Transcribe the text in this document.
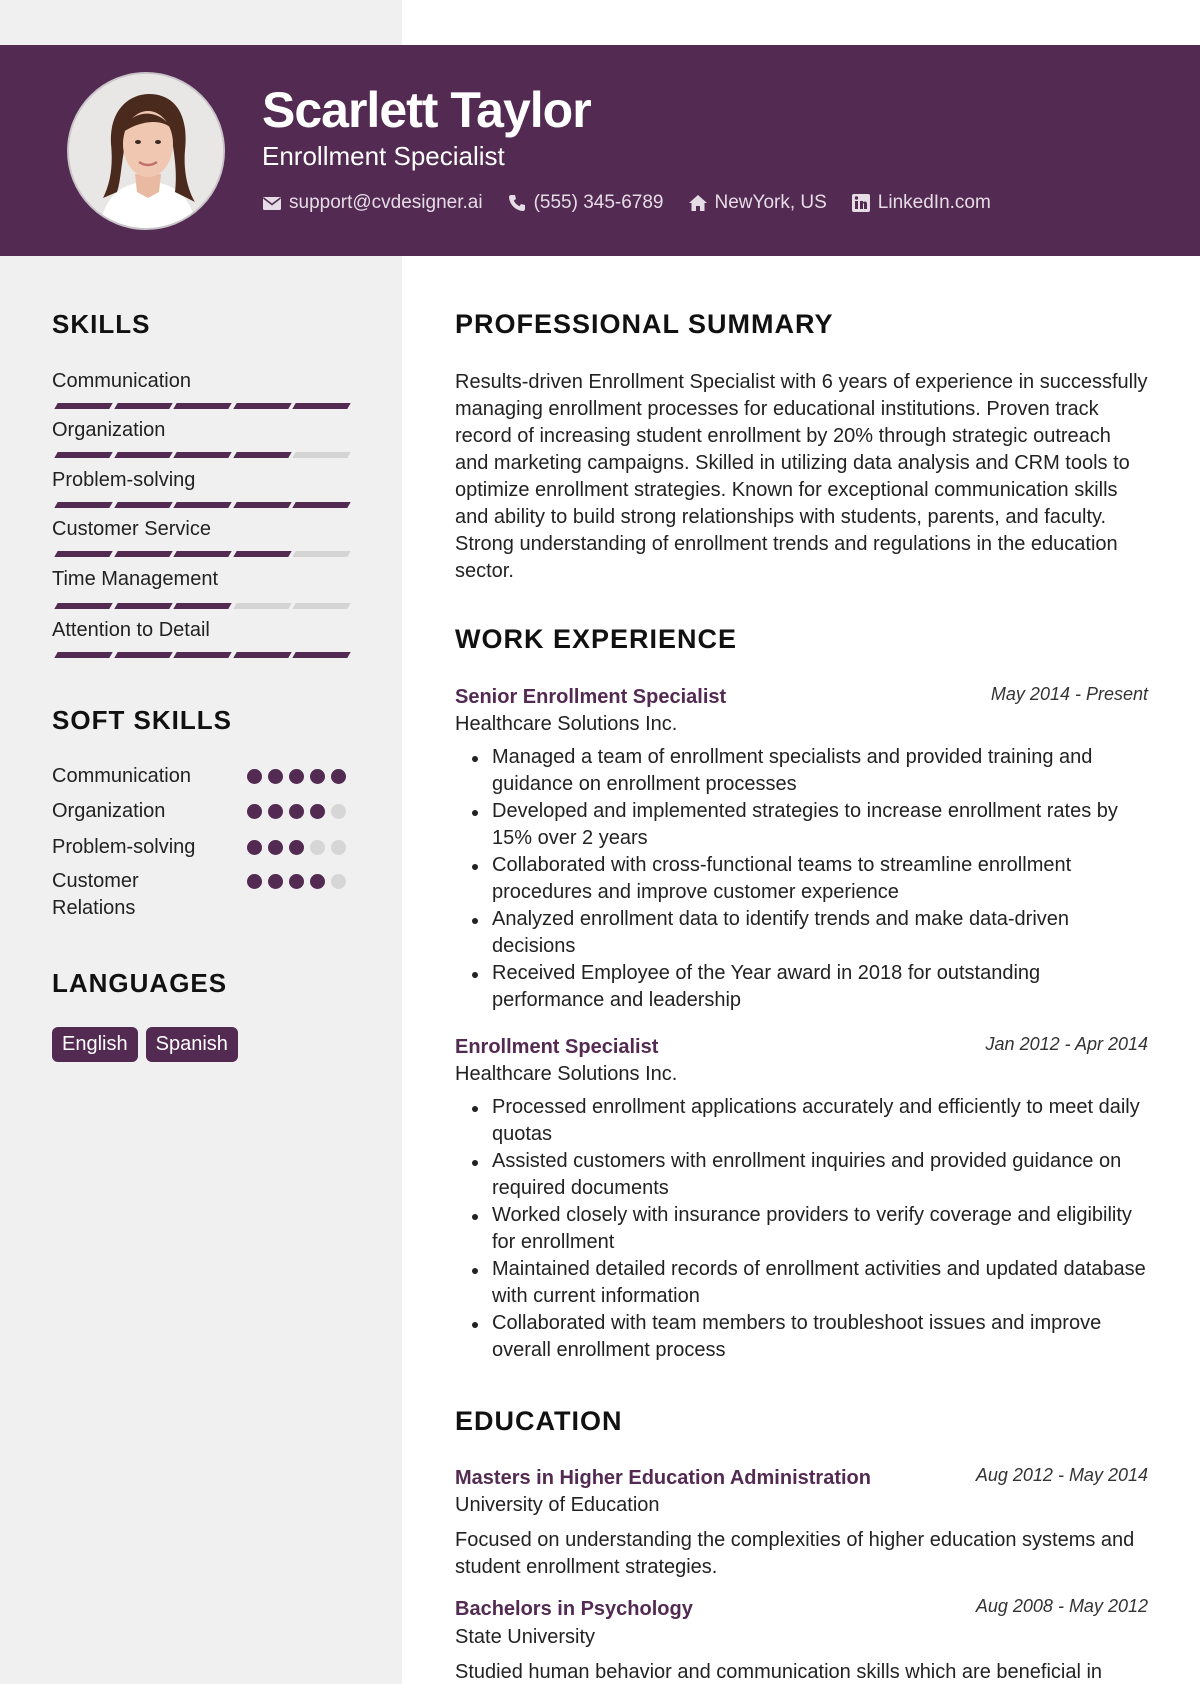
Scarlett Taylor
Enrollment Specialist
support@cvdesigner.ai	(555) 345-6789	NewYork, US	LinkedIn.com
SKILLS
Communication
Organization
Problem-solving
Customer Service
Time Management
Attention to Detail
SOFT SKILLS
Communication
Organization
Problem-solving
Customer Relations
LANGUAGES
English	Spanish
PROFESSIONAL SUMMARY
Results-driven Enrollment Specialist with 6 years of experience in successfully managing enrollment processes for educational institutions. Proven track record of increasing student enrollment by 20% through strategic outreach and marketing campaigns. Skilled in utilizing data analysis and CRM tools to optimize enrollment strategies. Known for exceptional communication skills and ability to build strong relationships with students, parents, and faculty. Strong understanding of enrollment trends and regulations in the education sector.
WORK EXPERIENCE
Senior Enrollment Specialist	May 2014 - Present
Healthcare Solutions Inc.
Managed a team of enrollment specialists and provided training and guidance on enrollment processes
Developed and implemented strategies to increase enrollment rates by 15% over 2 years
Collaborated with cross-functional teams to streamline enrollment procedures and improve customer experience
Analyzed enrollment data to identify trends and make data-driven decisions
Received Employee of the Year award in 2018 for outstanding performance and leadership
Enrollment Specialist	Jan 2012 - Apr 2014
Healthcare Solutions Inc.
Processed enrollment applications accurately and efficiently to meet daily quotas
Assisted customers with enrollment inquiries and provided guidance on required documents
Worked closely with insurance providers to verify coverage and eligibility for enrollment
Maintained detailed records of enrollment activities and updated database with current information
Collaborated with team members to troubleshoot issues and improve overall enrollment process
EDUCATION
Masters in Higher Education Administration	Aug 2012 - May 2014
University of Education
Focused on understanding the complexities of higher education systems and student enrollment strategies.
Bachelors in Psychology	Aug 2008 - May 2012
State University
Studied human behavior and communication skills which are beneficial in
